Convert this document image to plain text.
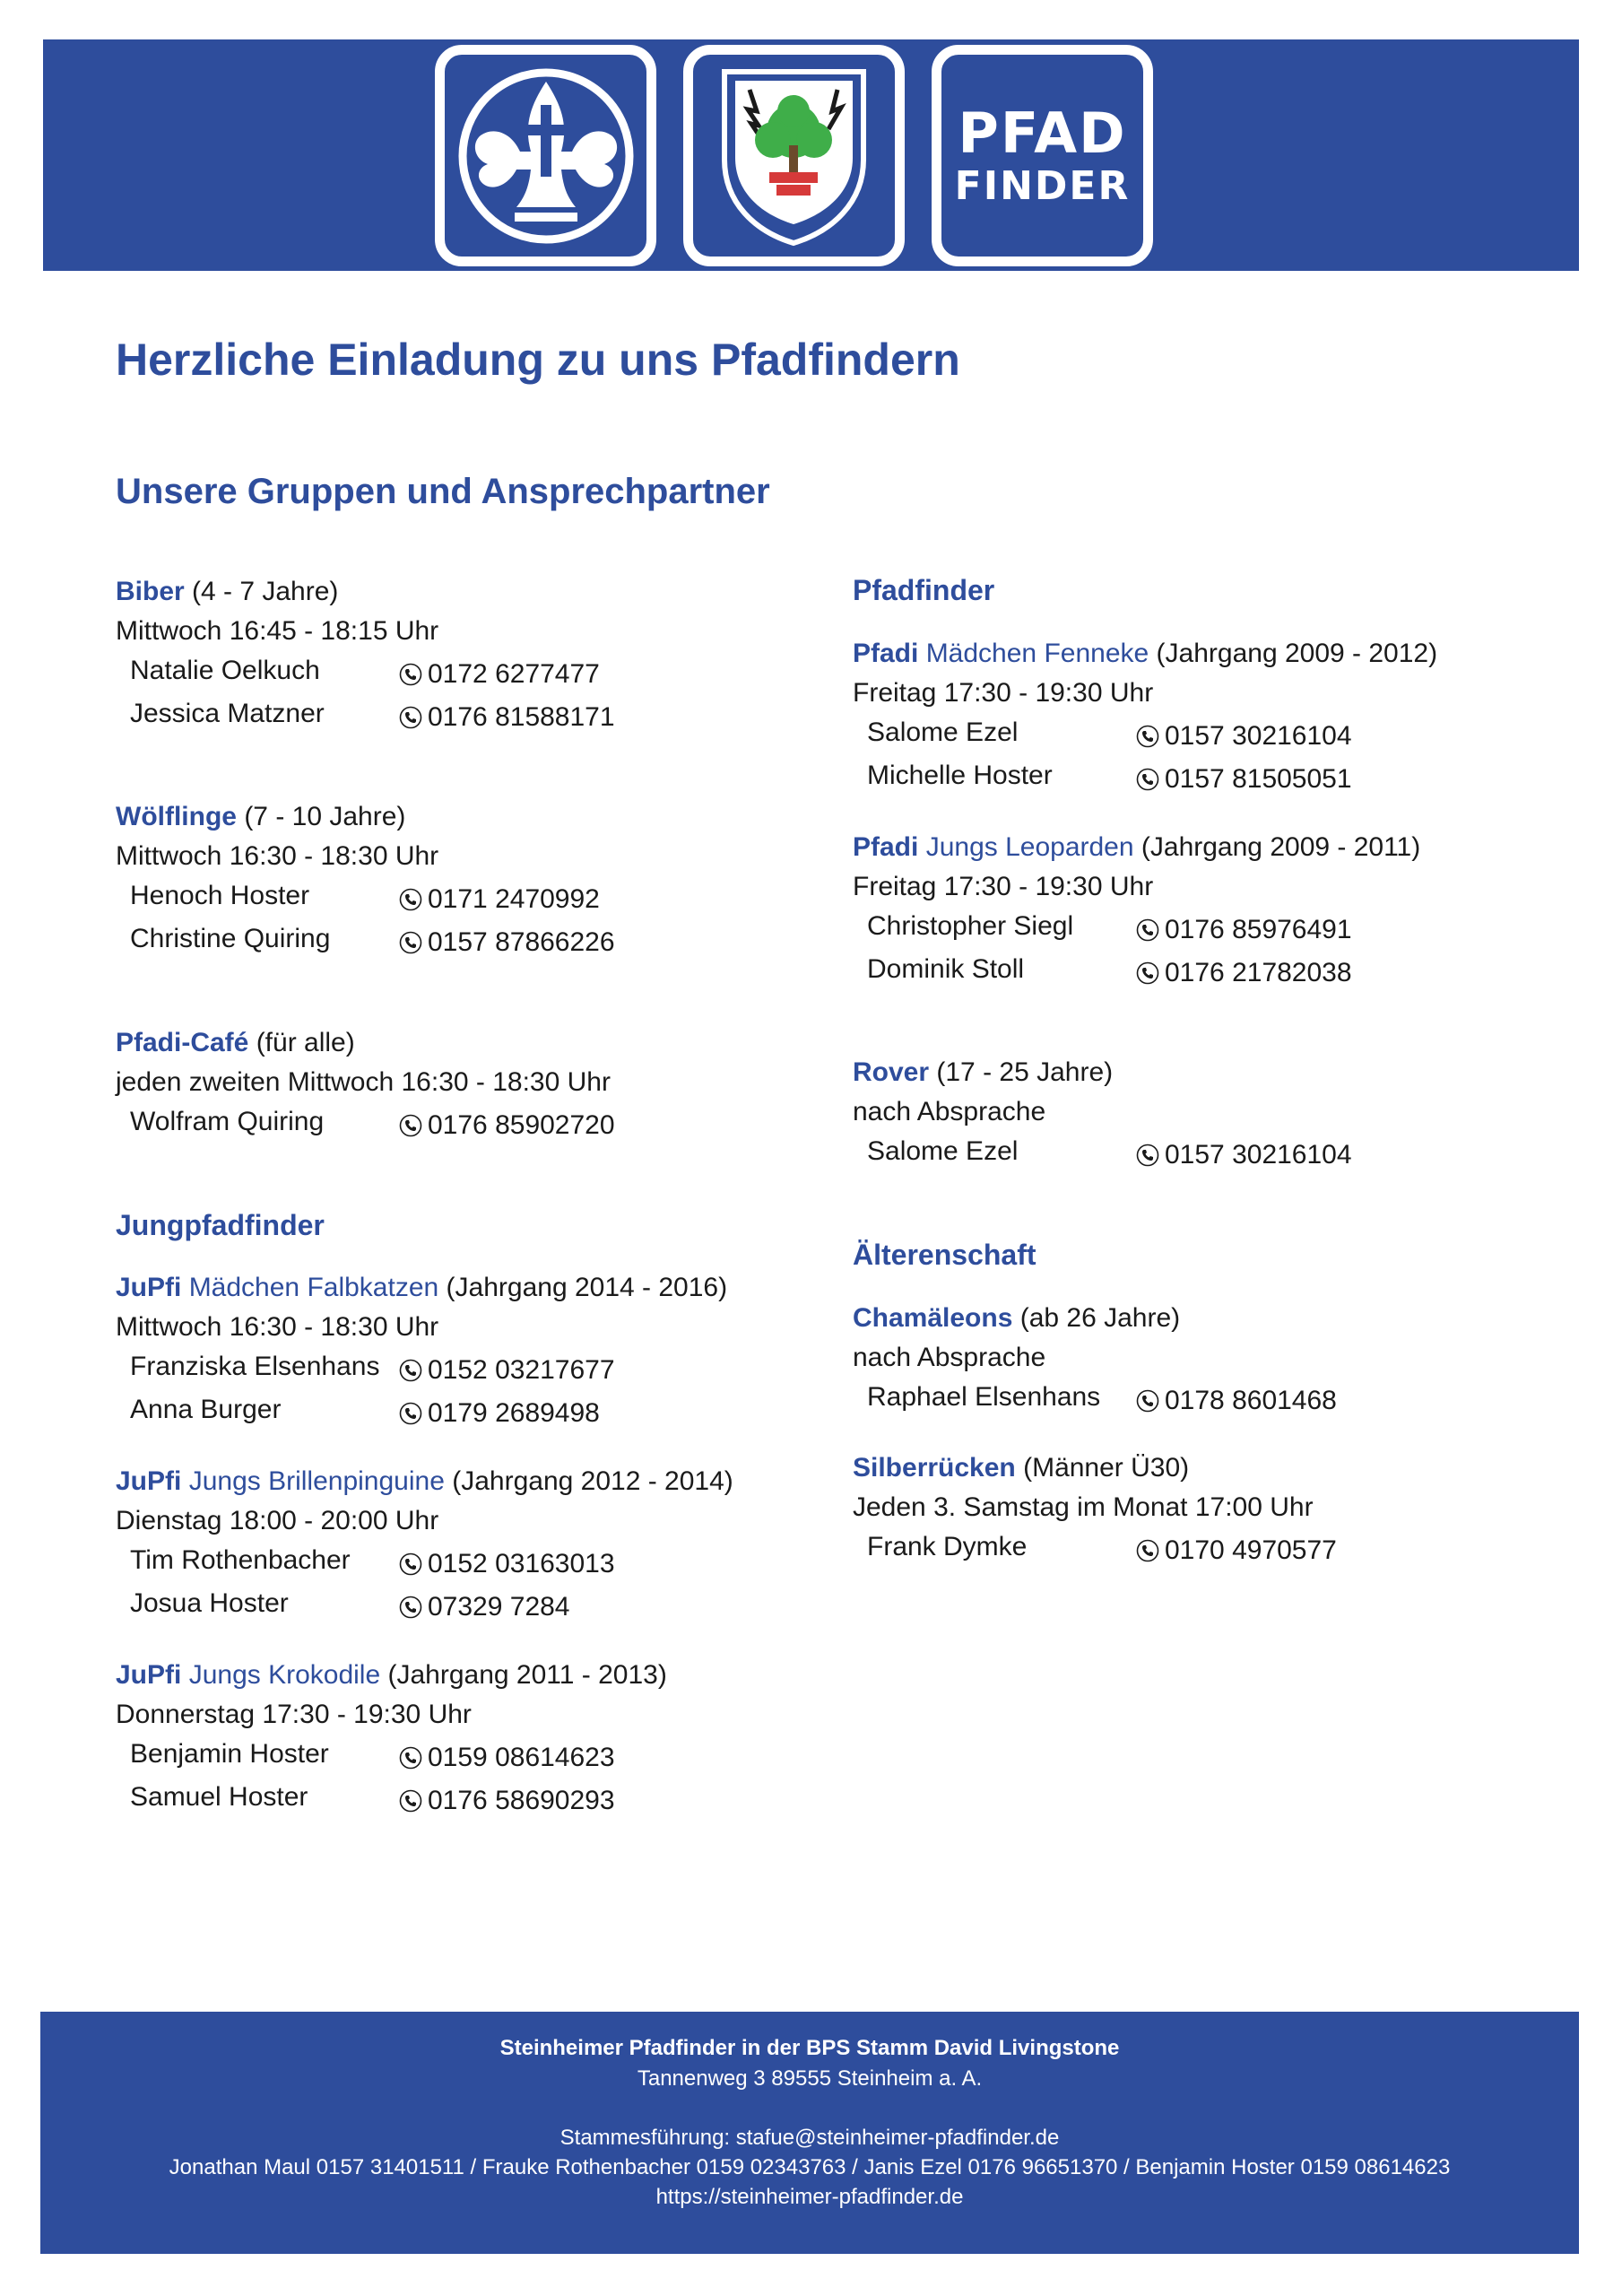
PFAD
FINDER
Herzliche Einladung zu uns Pfadfindern
Unsere Gruppen und Ansprechpartner
Biber (4 - 7 Jahre)
Mittwoch 16:45 - 18:15 Uhr
Natalie Oelkuch	0172 6277477
Jessica Matzner	0176 81588171
Wölflinge (7 - 10 Jahre)
Mittwoch 16:30 - 18:30 Uhr
Henoch Hoster	0171 2470992
Christine Quiring	0157 87866226
Pfadi-Café (für alle)
jeden zweiten Mittwoch 16:30 - 18:30 Uhr
Wolfram Quiring	0176 85902720
Jungpfadfinder
JuPfi Mädchen Falbkatzen (Jahrgang 2014 - 2016)
Mittwoch 16:30 - 18:30 Uhr
Franziska Elsenhans	0152 03217677
Anna Burger	0179 2689498
JuPfi Jungs Brillenpinguine (Jahrgang 2012 - 2014)
Dienstag 18:00 - 20:00 Uhr
Tim Rothenbacher	0152 03163013
Josua Hoster	07329 7284
JuPfi Jungs Krokodile (Jahrgang 2011 - 2013)
Donnerstag 17:30 - 19:30 Uhr
Benjamin Hoster	0159 08614623
Samuel Hoster	0176 58690293
Pfadfinder
Pfadi Mädchen Fenneke (Jahrgang 2009 - 2012)
Freitag 17:30 - 19:30 Uhr
Salome Ezel	0157 30216104
Michelle Hoster	0157 81505051
Pfadi Jungs Leoparden (Jahrgang 2009 - 2011)
Freitag 17:30 - 19:30 Uhr
Christopher Siegl	0176 85976491
Dominik Stoll	0176 21782038
Rover (17 - 25 Jahre)
nach Absprache
Salome Ezel	0157 30216104
Älterenschaft
Chamäleons (ab 26 Jahre)
nach Absprache
Raphael Elsenhans	0178 8601468
Silberrücken (Männer Ü30)
Jeden 3. Samstag im Monat 17:00 Uhr
Frank Dymke	0170 4970577
Steinheimer Pfadfinder in der BPS Stamm David Livingstone
Tannenweg 3 89555 Steinheim a. A.
Stammesführung: stafue@steinheimer-pfadfinder.de
Jonathan Maul 0157 31401511 / Frauke Rothenbacher 0159 02343763 / Janis Ezel 0176 96651370 / Benjamin Hoster 0159 08614623
https://steinheimer-pfadfinder.de
